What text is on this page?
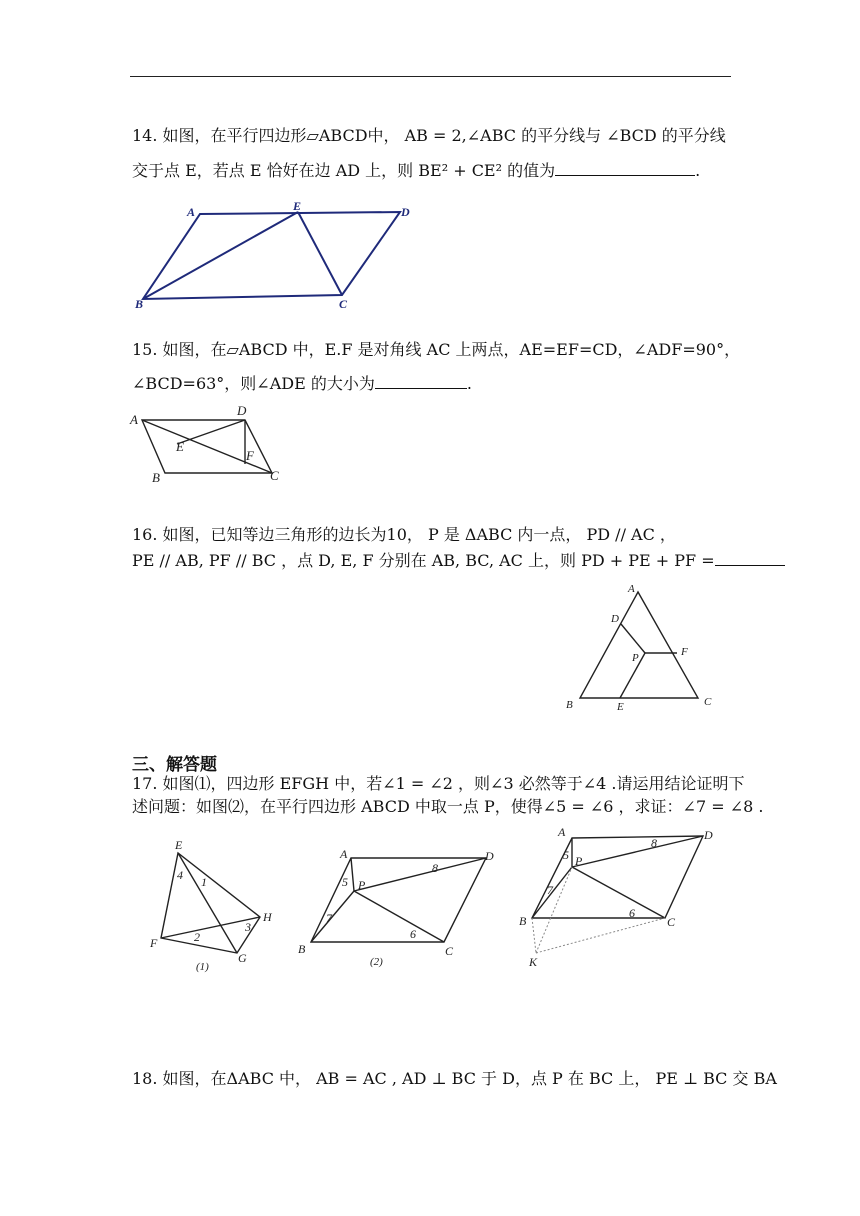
14. 如图，在平行四边形▱ABCD中， AB = 2,∠ABC 的平分线与 ∠BCD 的平分线
交于点 E，若点 E 恰好在边 AD 上，则 BE² + CE² 的值为	.
A	E	D
B	C
15. 如图，在▱ABCD 中，E.F 是对角线 AC 上两点，AE=EF=CD，∠ADF=90°，
∠BCD=63°，则∠ADE 的大小为	.
A
D
E
F
B	C
16. 如图，已知等边三角形的边长为10， P 是 ΔABC 内一点， PD // AC ，
PE // AB, PF // BC ，点 D, E, F 分别在 AB, BC, AC 上，则 PD + PE + PF =
A
D
P	F
B	E	C
三、解答题
17. 如图⑴，四边形 EFGH 中，若∠1 = ∠2 ，则∠3 必然等于∠4 .请运用结论证明下
述问题：如图⑵，在平行四边形 ABCD 中取一点 P，使得∠5 = ∠6 ，求证：∠7 = ∠8 .
E
4 1
H
3
2
F
G
(1)
A	D
8
5 P
7
6
B	C
(2)
A	D
8
5 P
7
6
B	C
K
18. 如图，在ΔABC 中， AB = AC , AD ⊥ BC 于 D，点 P 在 BC 上， PE ⊥ BC 交 BA
